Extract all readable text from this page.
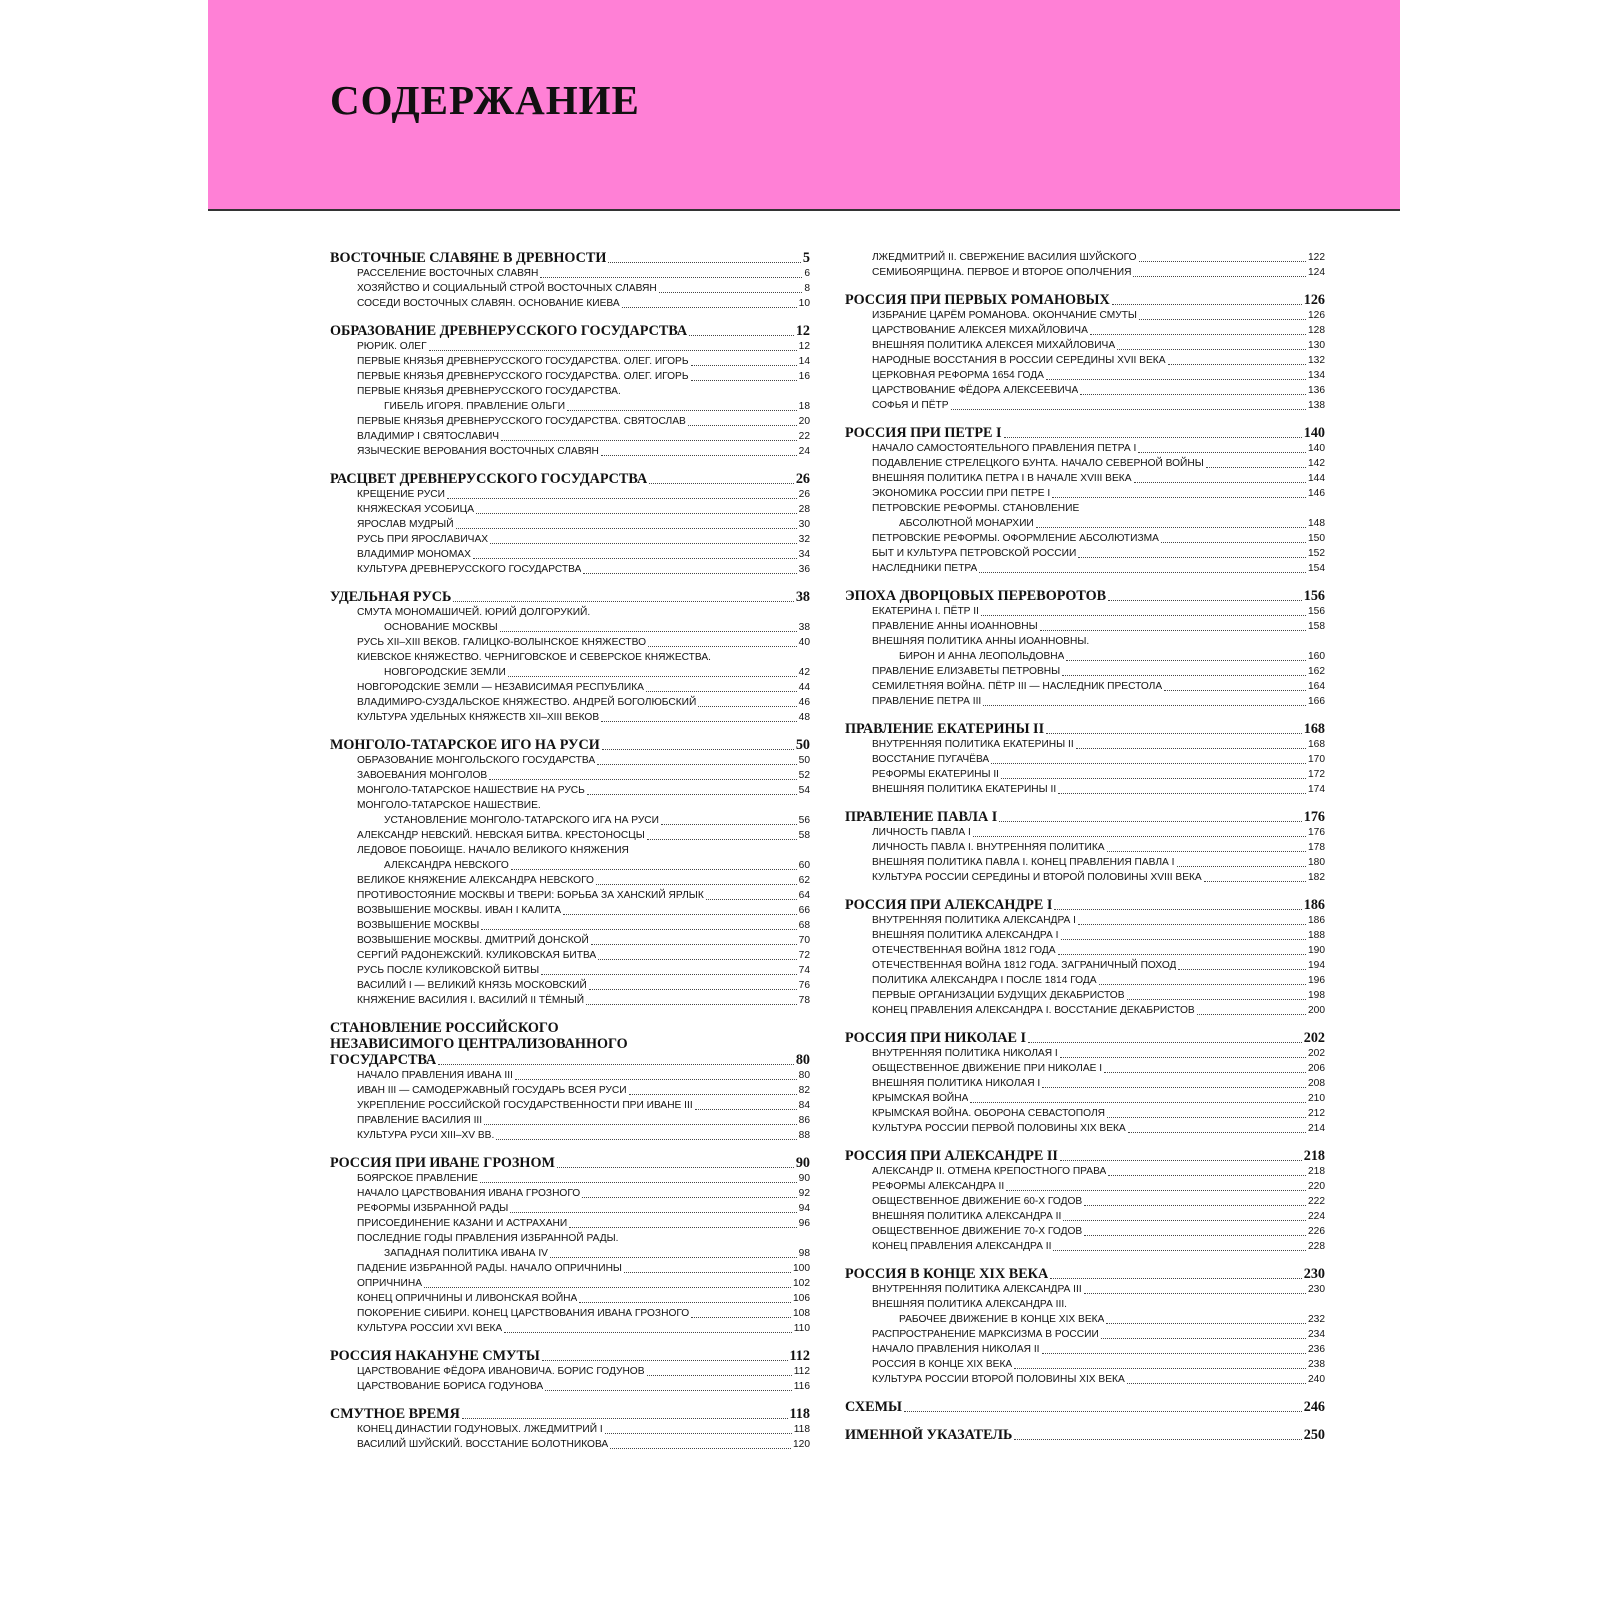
СОДЕРЖАНИЕ
ВОСТОЧНЫЕ СЛАВЯНЕ В ДРЕВНОСТИ	5
РАССЕЛЕНИЕ ВОСТОЧНЫХ СЛАВЯН	6
ХОЗЯЙСТВО И СОЦИАЛЬНЫЙ СТРОЙ ВОСТОЧНЫХ СЛАВЯН	8
СОСЕДИ ВОСТОЧНЫХ СЛАВЯН. ОСНОВАНИЕ КИЕВА	10
ОБРАЗОВАНИЕ ДРЕВНЕРУССКОГО ГОСУДАРСТВА	12
РЮРИК. ОЛЕГ	12
ПЕРВЫЕ КНЯЗЬЯ ДРЕВНЕРУССКОГО ГОСУДАРСТВА. ОЛЕГ. ИГОРЬ	14
ПЕРВЫЕ КНЯЗЬЯ ДРЕВНЕРУССКОГО ГОСУДАРСТВА. ОЛЕГ. ИГОРЬ	16
ПЕРВЫЕ КНЯЗЬЯ ДРЕВНЕРУССКОГО ГОСУДАРСТВА.
ГИБЕЛЬ ИГОРЯ. ПРАВЛЕНИЕ ОЛЬГИ	18
ПЕРВЫЕ КНЯЗЬЯ ДРЕВНЕРУССКОГО ГОСУДАРСТВА. СВЯТОСЛАВ	20
ВЛАДИМИР I СВЯТОСЛАВИЧ	22
ЯЗЫЧЕСКИЕ ВЕРОВАНИЯ ВОСТОЧНЫХ СЛАВЯН	24
РАСЦВЕТ ДРЕВНЕРУССКОГО ГОСУДАРСТВА	26
КРЕЩЕНИЕ РУСИ	26
КНЯЖЕСКАЯ УСОБИЦА	28
ЯРОСЛАВ МУДРЫЙ	30
РУСЬ ПРИ ЯРОСЛАВИЧАХ	32
ВЛАДИМИР МОНОМАХ	34
КУЛЬТУРА ДРЕВНЕРУССКОГО ГОСУДАРСТВА	36
УДЕЛЬНАЯ РУСЬ	38
СМУТА МОНОМАШИЧЕЙ. ЮРИЙ ДОЛГОРУКИЙ.
ОСНОВАНИЕ МОСКВЫ	38
РУСЬ XII–XIII ВЕКОВ. ГАЛИЦКО-ВОЛЫНСКОЕ КНЯЖЕСТВО	40
КИЕВСКОЕ КНЯЖЕСТВО. ЧЕРНИГОВСКОЕ И СЕВЕРСКОЕ КНЯЖЕСТВА.
НОВГОРОДСКИЕ ЗЕМЛИ	42
НОВГОРОДСКИЕ ЗЕМЛИ — НЕЗАВИСИМАЯ РЕСПУБЛИКА	44
ВЛАДИМИРО-СУЗДАЛЬСКОЕ КНЯЖЕСТВО. АНДРЕЙ БОГОЛЮБСКИЙ	46
КУЛЬТУРА УДЕЛЬНЫХ КНЯЖЕСТВ XII–XIII ВЕКОВ	48
МОНГОЛО-ТАТАРСКОЕ ИГО НА РУСИ	50
ОБРАЗОВАНИЕ МОНГОЛЬСКОГО ГОСУДАРСТВА	50
ЗАВОЕВАНИЯ МОНГОЛОВ	52
МОНГОЛО-ТАТАРСКОЕ НАШЕСТВИЕ НА РУСЬ	54
МОНГОЛО-ТАТАРСКОЕ НАШЕСТВИЕ.
УСТАНОВЛЕНИЕ МОНГОЛО-ТАТАРСКОГО ИГА НА РУСИ	56
АЛЕКСАНДР НЕВСКИЙ. НЕВСКАЯ БИТВА. КРЕСТОНОСЦЫ	58
ЛЕДОВОЕ ПОБОИЩЕ. НАЧАЛО ВЕЛИКОГО КНЯЖЕНИЯ
АЛЕКСАНДРА НЕВСКОГО	60
ВЕЛИКОЕ КНЯЖЕНИЕ АЛЕКСАНДРА НЕВСКОГО	62
ПРОТИВОСТОЯНИЕ МОСКВЫ И ТВЕРИ: БОРЬБА ЗА ХАНСКИЙ ЯРЛЫК	64
ВОЗВЫШЕНИЕ МОСКВЫ. ИВАН I КАЛИТА	66
ВОЗВЫШЕНИЕ МОСКВЫ	68
ВОЗВЫШЕНИЕ МОСКВЫ. ДМИТРИЙ ДОНСКОЙ	70
СЕРГИЙ РАДОНЕЖСКИЙ. КУЛИКОВСКАЯ БИТВА	72
РУСЬ ПОСЛЕ КУЛИКОВСКОЙ БИТВЫ	74
ВАСИЛИЙ I — ВЕЛИКИЙ КНЯЗЬ МОСКОВСКИЙ	76
КНЯЖЕНИЕ ВАСИЛИЯ I. ВАСИЛИЙ II ТЁМНЫЙ	78
СТАНОВЛЕНИЕ РОССИЙСКОГО
НЕЗАВИСИМОГО ЦЕНТРАЛИЗОВАННОГО
ГОСУДАРСТВА	80
НАЧАЛО ПРАВЛЕНИЯ ИВАНА III	80
ИВАН III — САМОДЕРЖАВНЫЙ ГОСУДАРЬ ВСЕЯ РУСИ	82
УКРЕПЛЕНИЕ РОССИЙСКОЙ ГОСУДАРСТВЕННОСТИ ПРИ ИВАНЕ III	84
ПРАВЛЕНИЕ ВАСИЛИЯ III	86
КУЛЬТУРА РУСИ XIII–XV ВВ.	88
РОССИЯ ПРИ ИВАНЕ ГРОЗНОМ	90
БОЯРСКОЕ ПРАВЛЕНИЕ	90
НАЧАЛО ЦАРСТВОВАНИЯ ИВАНА ГРОЗНОГО	92
РЕФОРМЫ ИЗБРАННОЙ РАДЫ	94
ПРИСОЕДИНЕНИЕ КАЗАНИ И АСТРАХАНИ	96
ПОСЛЕДНИЕ ГОДЫ ПРАВЛЕНИЯ ИЗБРАННОЙ РАДЫ.
ЗАПАДНАЯ ПОЛИТИКА ИВАНА IV	98
ПАДЕНИЕ ИЗБРАННОЙ РАДЫ. НАЧАЛО ОПРИЧНИНЫ	100
ОПРИЧНИНА	102
КОНЕЦ ОПРИЧНИНЫ И ЛИВОНСКАЯ ВОЙНА	106
ПОКОРЕНИЕ СИБИРИ. КОНЕЦ ЦАРСТВОВАНИЯ ИВАНА ГРОЗНОГО	108
КУЛЬТУРА РОССИИ XVI ВЕКА	110
РОССИЯ НАКАНУНЕ СМУТЫ	112
ЦАРСТВОВАНИЕ ФЁДОРА ИВАНОВИЧА. БОРИС ГОДУНОВ	112
ЦАРСТВОВАНИЕ БОРИСА ГОДУНОВА	116
СМУТНОЕ ВРЕМЯ	118
КОНЕЦ ДИНАСТИИ ГОДУНОВЫХ. ЛЖЕДМИТРИЙ I	118
ВАСИЛИЙ ШУЙСКИЙ. ВОССТАНИЕ БОЛОТНИКОВА	120
ЛЖЕДМИТРИЙ II. СВЕРЖЕНИЕ ВАСИЛИЯ ШУЙСКОГО	122
СЕМИБОЯРЩИНА. ПЕРВОЕ И ВТОРОЕ ОПОЛЧЕНИЯ	124
РОССИЯ ПРИ ПЕРВЫХ РОМАНОВЫХ	126
ИЗБРАНИЕ ЦАРЁМ РОМАНОВА. ОКОНЧАНИЕ СМУТЫ	126
ЦАРСТВОВАНИЕ АЛЕКСЕЯ МИХАЙЛОВИЧА	128
ВНЕШНЯЯ ПОЛИТИКА АЛЕКСЕЯ МИХАЙЛОВИЧА	130
НАРОДНЫЕ ВОССТАНИЯ В РОССИИ СЕРЕДИНЫ XVII ВЕКА	132
ЦЕРКОВНАЯ РЕФОРМА 1654 ГОДА	134
ЦАРСТВОВАНИЕ ФЁДОРА АЛЕКСЕЕВИЧА	136
СОФЬЯ И ПЁТР	138
РОССИЯ ПРИ ПЕТРЕ I	140
НАЧАЛО САМОСТОЯТЕЛЬНОГО ПРАВЛЕНИЯ ПЕТРА I	140
ПОДАВЛЕНИЕ СТРЕЛЕЦКОГО БУНТА. НАЧАЛО СЕВЕРНОЙ ВОЙНЫ	142
ВНЕШНЯЯ ПОЛИТИКА ПЕТРА I В НАЧАЛЕ XVIII ВЕКА	144
ЭКОНОМИКА РОССИИ ПРИ ПЕТРЕ I	146
ПЕТРОВСКИЕ РЕФОРМЫ. СТАНОВЛЕНИЕ
АБСОЛЮТНОЙ МОНАРХИИ	148
ПЕТРОВСКИЕ РЕФОРМЫ. ОФОРМЛЕНИЕ АБСОЛЮТИЗМА	150
БЫТ И КУЛЬТУРА ПЕТРОВСКОЙ РОССИИ	152
НАСЛЕДНИКИ ПЕТРА	154
ЭПОХА ДВОРЦОВЫХ ПЕРЕВОРОТОВ	156
ЕКАТЕРИНА I. ПЁТР II	156
ПРАВЛЕНИЕ АННЫ ИОАННОВНЫ	158
ВНЕШНЯЯ ПОЛИТИКА АННЫ ИОАННОВНЫ.
БИРОН И АННА ЛЕОПОЛЬДОВНА	160
ПРАВЛЕНИЕ ЕЛИЗАВЕТЫ ПЕТРОВНЫ	162
СЕМИЛЕТНЯЯ ВОЙНА. ПЁТР III — НАСЛЕДНИК ПРЕСТОЛА	164
ПРАВЛЕНИЕ ПЕТРА III	166
ПРАВЛЕНИЕ ЕКАТЕРИНЫ II	168
ВНУТРЕННЯЯ ПОЛИТИКА ЕКАТЕРИНЫ II	168
ВОССТАНИЕ ПУГАЧЁВА	170
РЕФОРМЫ ЕКАТЕРИНЫ II	172
ВНЕШНЯЯ ПОЛИТИКА ЕКАТЕРИНЫ II	174
ПРАВЛЕНИЕ ПАВЛА I	176
ЛИЧНОСТЬ ПАВЛА I	176
ЛИЧНОСТЬ ПАВЛА I. ВНУТРЕННЯЯ ПОЛИТИКА	178
ВНЕШНЯЯ ПОЛИТИКА ПАВЛА I. КОНЕЦ ПРАВЛЕНИЯ ПАВЛА I	180
КУЛЬТУРА РОССИИ СЕРЕДИНЫ И ВТОРОЙ ПОЛОВИНЫ XVIII ВЕКА	182
РОССИЯ ПРИ АЛЕКСАНДРЕ I	186
ВНУТРЕННЯЯ ПОЛИТИКА АЛЕКСАНДРА I	186
ВНЕШНЯЯ ПОЛИТИКА АЛЕКСАНДРА I	188
ОТЕЧЕСТВЕННАЯ ВОЙНА 1812 ГОДА	190
ОТЕЧЕСТВЕННАЯ ВОЙНА 1812 ГОДА. ЗАГРАНИЧНЫЙ ПОХОД	194
ПОЛИТИКА АЛЕКСАНДРА I ПОСЛЕ 1814 ГОДА	196
ПЕРВЫЕ ОРГАНИЗАЦИИ БУДУЩИХ ДЕКАБРИСТОВ	198
КОНЕЦ ПРАВЛЕНИЯ АЛЕКСАНДРА I. ВОССТАНИЕ ДЕКАБРИСТОВ	200
РОССИЯ ПРИ НИКОЛАЕ I	202
ВНУТРЕННЯЯ ПОЛИТИКА НИКОЛАЯ I	202
ОБЩЕСТВЕННОЕ ДВИЖЕНИЕ ПРИ НИКОЛАЕ I	206
ВНЕШНЯЯ ПОЛИТИКА НИКОЛАЯ I	208
КРЫМСКАЯ ВОЙНА	210
КРЫМСКАЯ ВОЙНА. ОБОРОНА СЕВАСТОПОЛЯ	212
КУЛЬТУРА РОССИИ ПЕРВОЙ ПОЛОВИНЫ XIX ВЕКА	214
РОССИЯ ПРИ АЛЕКСАНДРЕ II	218
АЛЕКСАНДР II. ОТМЕНА КРЕПОСТНОГО ПРАВА	218
РЕФОРМЫ АЛЕКСАНДРА II	220
ОБЩЕСТВЕННОЕ ДВИЖЕНИЕ 60-Х ГОДОВ	222
ВНЕШНЯЯ ПОЛИТИКА АЛЕКСАНДРА II	224
ОБЩЕСТВЕННОЕ ДВИЖЕНИЕ 70-Х ГОДОВ	226
КОНЕЦ ПРАВЛЕНИЯ АЛЕКСАНДРА II	228
РОССИЯ В КОНЦЕ XIX ВЕКА	230
ВНУТРЕННЯЯ ПОЛИТИКА АЛЕКСАНДРА III	230
ВНЕШНЯЯ ПОЛИТИКА АЛЕКСАНДРА III.
РАБОЧЕЕ ДВИЖЕНИЕ В КОНЦЕ XIX ВЕКА	232
РАСПРОСТРАНЕНИЕ МАРКСИЗМА В РОССИИ	234
НАЧАЛО ПРАВЛЕНИЯ НИКОЛАЯ II	236
РОССИЯ В КОНЦЕ XIX ВЕКА	238
КУЛЬТУРА РОССИИ ВТОРОЙ ПОЛОВИНЫ XIX ВЕКА	240
СХЕМЫ	246
ИМЕННОЙ УКАЗАТЕЛЬ	250
